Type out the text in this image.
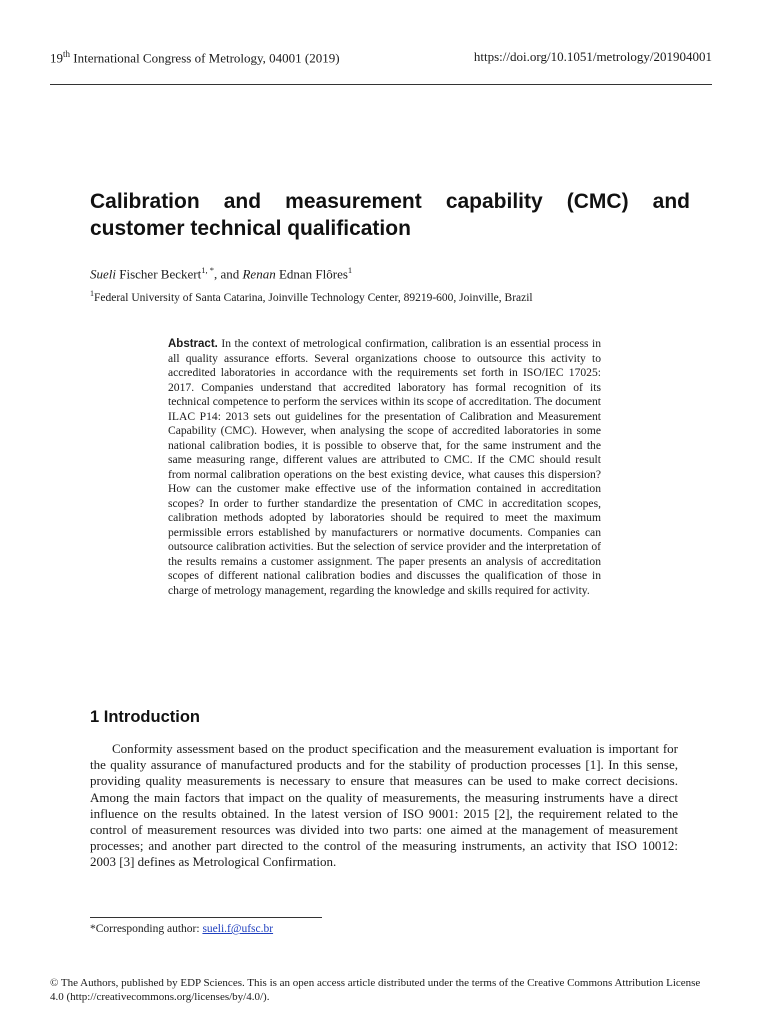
19th International Congress of Metrology, 04001 (2019)	https://doi.org/10.1051/metrology/201904001
Calibration and measurement capability (CMC) and customer technical qualification
Sueli Fischer Beckert$^{1, *}$, and Renan Ednan Flôres$^1$
$^1$Federal University of Santa Catarina, Joinville Technology Center, 89219-600, Joinville, Brazil
Abstract. In the context of metrological confirmation, calibration is an essential process in all quality assurance efforts. Several organizations choose to outsource this activity to accredited laboratories in accordance with the requirements set forth in ISO/IEC 17025: 2017. Companies understand that accredited laboratory has formal recognition of its technical competence to perform the services within its scope of accreditation. The document ILAC P14: 2013 sets out guidelines for the presentation of Calibration and Measurement Capability (CMC). However, when analysing the scope of accredited laboratories in some national calibration bodies, it is possible to observe that, for the same instrument and the same measuring range, different values are attributed to CMC. If the CMC should result from normal calibration operations on the best existing device, what causes this dispersion? How can the customer make effective use of the information contained in accreditation scopes? In order to further standardize the presentation of CMC in accreditation scopes, calibration methods adopted by laboratories should be required to meet the maximum permissible errors established by manufacturers or normative documents. Companies can outsource calibration activities. But the selection of service provider and the interpretation of the results remains a customer assignment. The paper presents an analysis of accreditation scopes of different national calibration bodies and discusses the qualification of those in charge of metrology management, regarding the knowledge and skills required for activity.
1 Introduction
Conformity assessment based on the product specification and the measurement evaluation is important for the quality assurance of manufactured products and for the stability of production processes [1]. In this sense, providing quality measurements is necessary to ensure that measures can be used to make correct decisions. Among the main factors that impact on the quality of measurements, the measuring instruments have a direct influence on the results obtained. In the latest version of ISO 9001: 2015 [2], the requirement related to the control of measurement resources was divided into two parts: one aimed at the management of measurement processes; and another part directed to the control of the measuring instruments, an activity that ISO 10012: 2003 [3] defines as Metrological Confirmation.
*Corresponding author: sueli.f@ufsc.br
© The Authors, published by EDP Sciences. This is an open access article distributed under the terms of the Creative Commons Attribution License 4.0 (http://creativecommons.org/licenses/by/4.0/).
